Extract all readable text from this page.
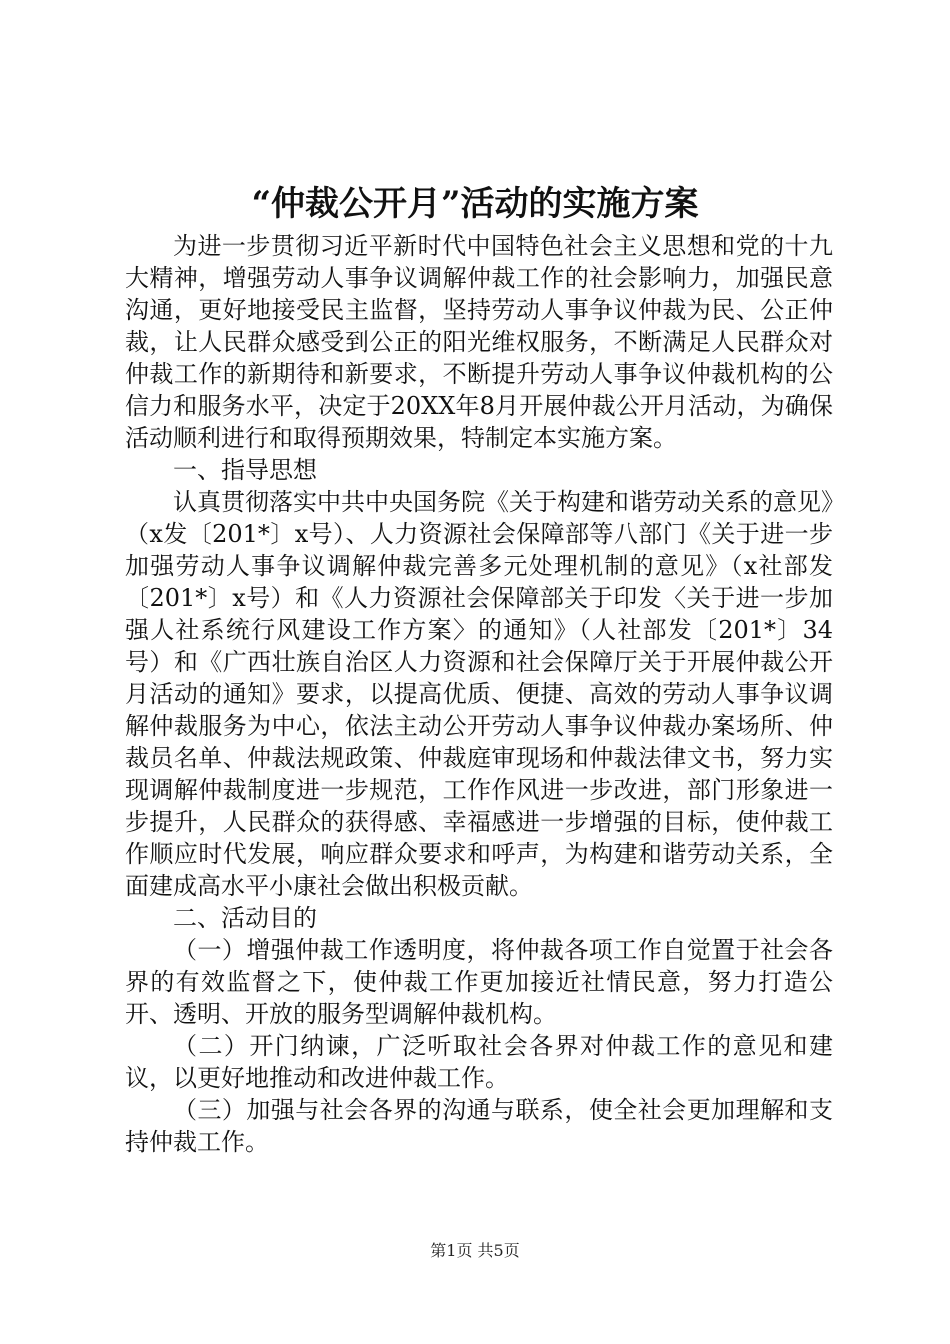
“仲裁公开月”活动的实施方案

为进一步贯彻习近平新时代中国特色社会主义思想和党的十九大精神，增强劳动人事争议调解仲裁工作的社会影响力，加强民意沟通，更好地接受民主监督，坚持劳动人事争议仲裁为民、公正仲裁，让人民群众感受到公正的阳光维权服务，不断满足人民群众对仲裁工作的新期待和新要求，不断提升劳动人事争议仲裁机构的公信力和服务水平，决定于20XX年8月开展仲裁公开月活动，为确保活动顺利进行和取得预期效果，特制定本实施方案。

一、指导思想

认真贯彻落实中共中央国务院《关于构建和谐劳动关系的意见》（x发〔201*〕x号）、人力资源社会保障部等八部门《关于进一步加强劳动人事争议调解仲裁完善多元处理机制的意见》（x社部发〔201*〕x号）和《人力资源社会保障部关于印发〈关于进一步加强人社系统行风建设工作方案〉的通知》（人社部发〔201*〕34号）和《广西壮族自治区人力资源和社会保障厅关于开展仲裁公开月活动的通知》要求，以提高优质、便捷、高效的劳动人事争议调解仲裁服务为中心，依法主动公开劳动人事争议仲裁办案场所、仲裁员名单、仲裁法规政策、仲裁庭审现场和仲裁法律文书，努力实现调解仲裁制度进一步规范，工作作风进一步改进，部门形象进一步提升，人民群众的获得感、幸福感进一步增强的目标，使仲裁工作顺应时代发展，响应群众要求和呼声，为构建和谐劳动关系，全面建成高水平小康社会做出积极贡献。

二、活动目的

（一）增强仲裁工作透明度，将仲裁各项工作自觉置于社会各界的有效监督之下，使仲裁工作更加接近社情民意，努力打造公开、透明、开放的服务型调解仲裁机构。

（二）开门纳谏，广泛听取社会各界对仲裁工作的意见和建议，以更好地推动和改进仲裁工作。

（三）加强与社会各界的沟通与联系，使全社会更加理解和支持仲裁工作。

第1页 共5页
